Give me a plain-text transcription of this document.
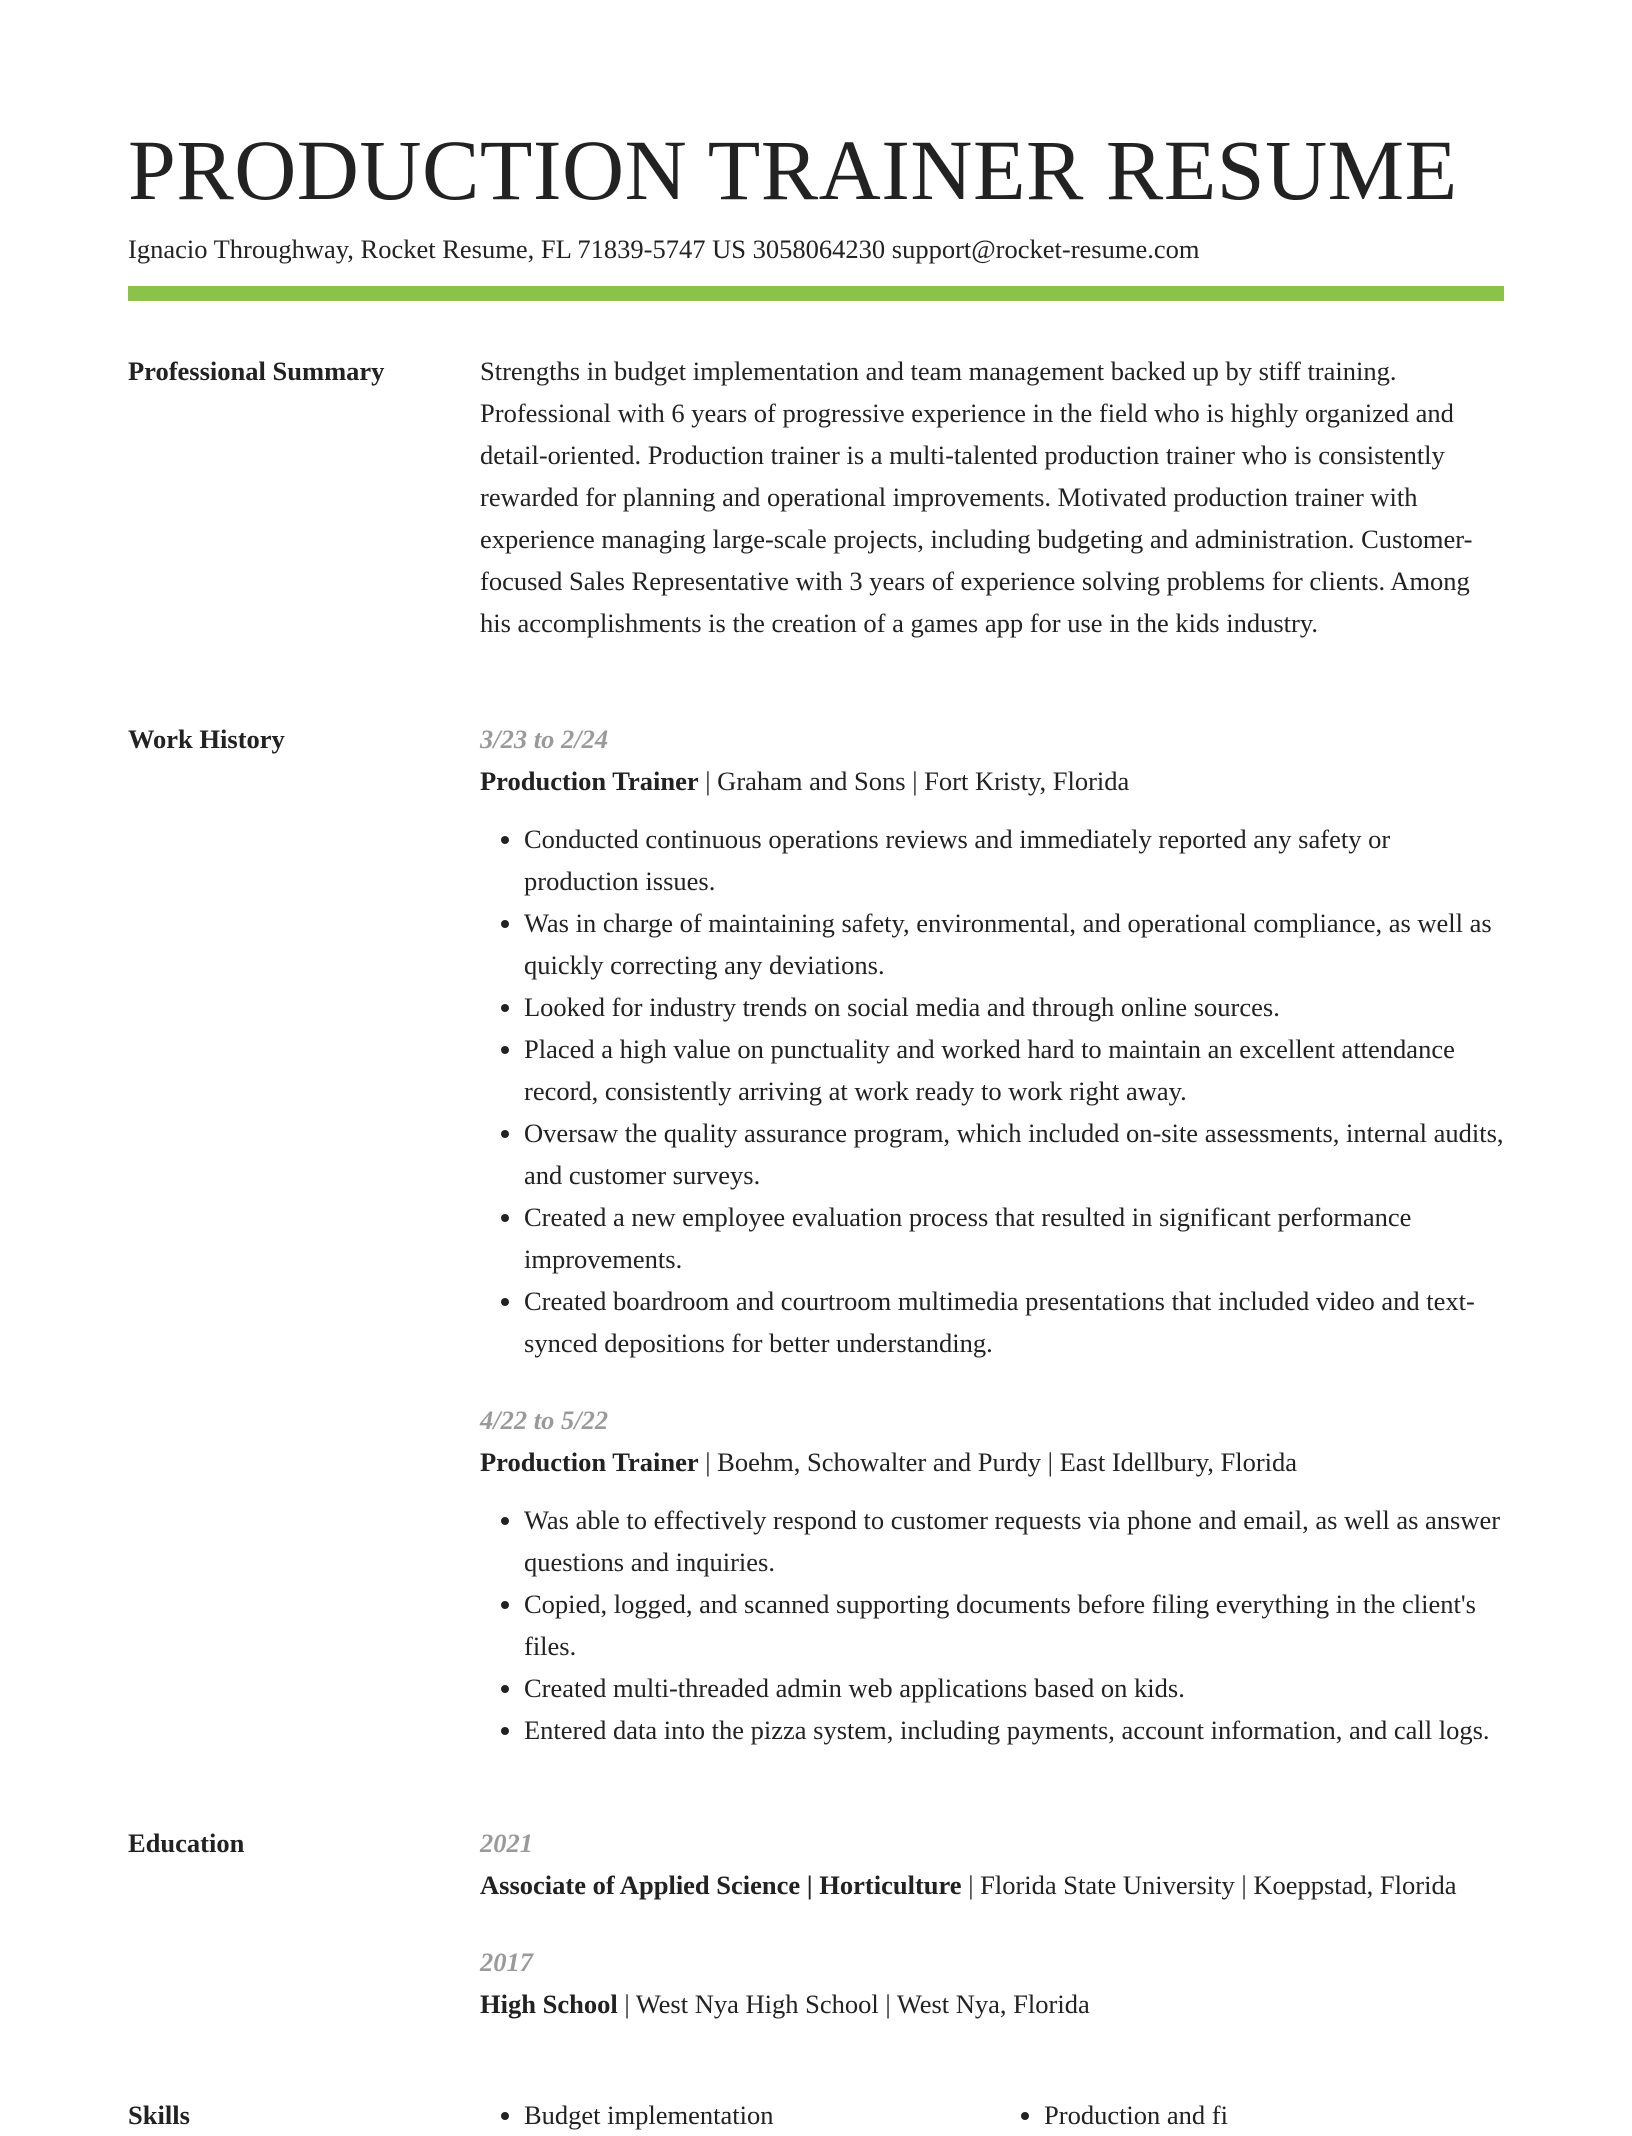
PRODUCTION TRAINER RESUME
Ignacio Throughway, Rocket Resume, FL 71839-5747 US 3058064230 support@rocket-resume.com
Professional Summary	Strengths in budget implementation and team management backed up by stiff training. Professional with 6 years of progressive experience in the field who is highly organized and detail-oriented. Production trainer is a multi-talented production trainer who is consistently rewarded for planning and operational improvements. Motivated production trainer with experience managing large-scale projects, including budgeting and administration. Customer-focused Sales Representative with 3 years of experience solving problems for clients. Among his accomplishments is the creation of a games app for use in the kids industry.

Work History	3/23 to 2/24

Production Trainer | Graham and Sons | Fort Kristy, Florida

• Conducted continuous operations reviews and immediately reported any safety or production issues.
• Was in charge of maintaining safety, environmental, and operational compliance, as well as quickly correcting any deviations.
• Looked for industry trends on social media and through online sources.
• Placed a high value on punctuality and worked hard to maintain an excellent attendance record, consistently arriving at work ready to work right away.
• Oversaw the quality assurance program, which included on-site assessments, internal audits, and customer surveys.
• Created a new employee evaluation process that resulted in significant performance improvements.
• Created boardroom and courtroom multimedia presentations that included video and text-synced depositions for better understanding.

4/22 to 5/22

Production Trainer | Boehm, Schowalter and Purdy | East Idellbury, Florida

• Was able to effectively respond to customer requests via phone and email, as well as answer questions and inquiries.
• Copied, logged, and scanned supporting documents before filing everything in the client's files.
• Created multi-threaded admin web applications based on kids.
• Entered data into the pizza system, including payments, account information, and call logs.
Education	2021

Associate of Applied Science | Horticulture | Florida State University | Koeppstad, Florida

2017

High School | West Nya High School | West Nya, Florida

Skills	• Budget implementation	• Production and fi
